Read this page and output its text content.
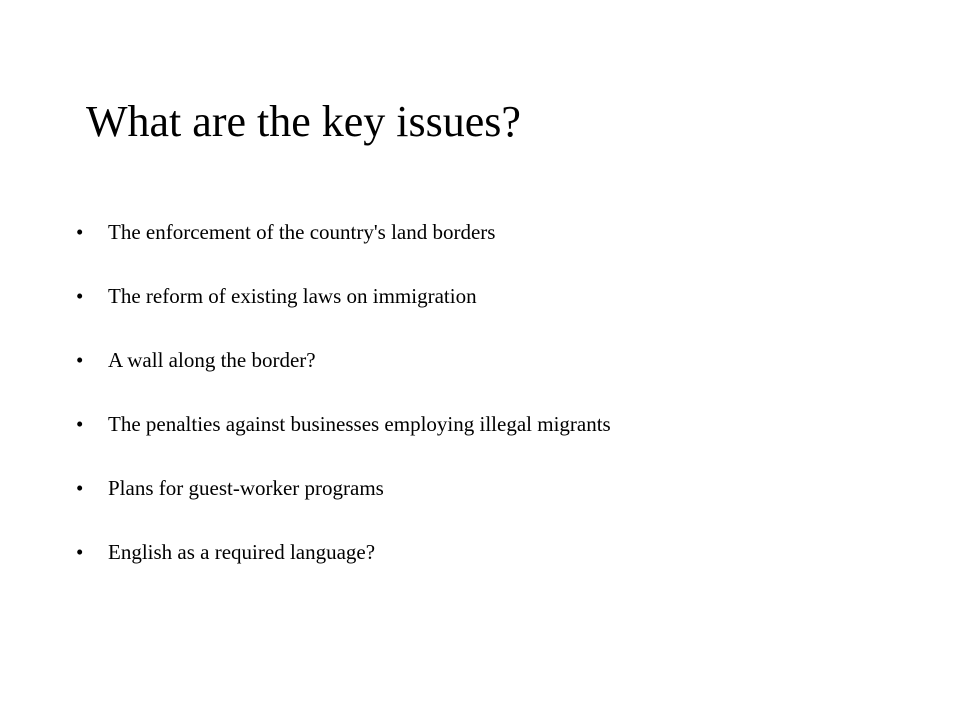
What are the key issues?
•	The enforcement of the country's land borders
•	The reform of existing laws on immigration
•	A wall along the border?
•	The penalties against businesses employing illegal migrants
•	Plans for guest-worker programs
•	English as a required language?
